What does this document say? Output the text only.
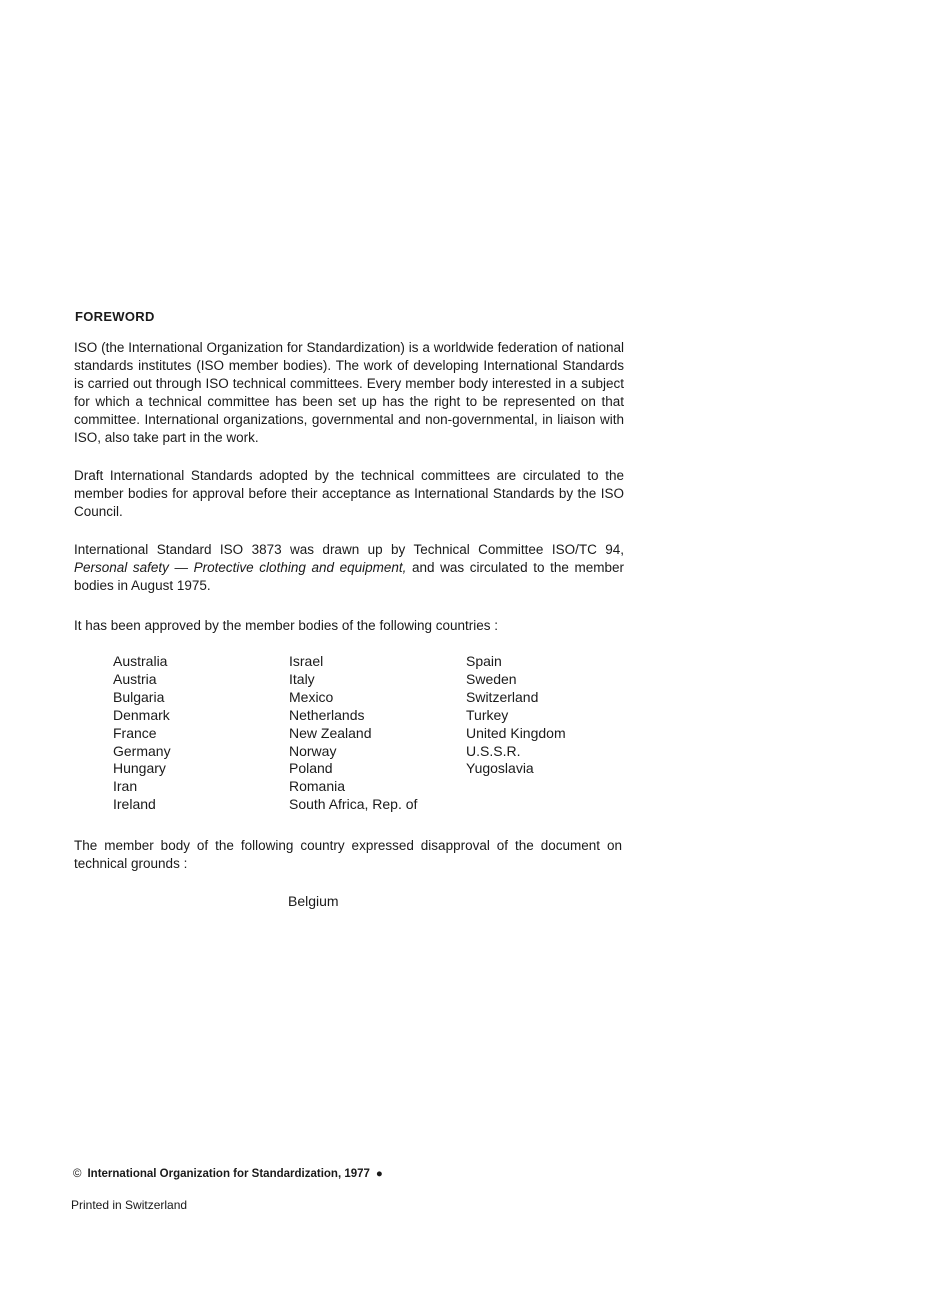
FOREWORD
ISO (the International Organization for Standardization) is a worldwide federation of national standards institutes (ISO member bodies). The work of developing International Standards is carried out through ISO technical committees. Every member body interested in a subject for which a technical committee has been set up has the right to be represented on that committee. International organizations, governmental and non-governmental, in liaison with ISO, also take part in the work.
Draft International Standards adopted by the technical committees are circulated to the member bodies for approval before their acceptance as International Standards by the ISO Council.
International Standard ISO 3873 was drawn up by Technical Committee ISO/TC 94, Personal safety — Protective clothing and equipment, and was circulated to the member bodies in August 1975.
It has been approved by the member bodies of the following countries :
Australia
Austria
Bulgaria
Denmark
France
Germany
Hungary
Iran
Ireland
Israel
Italy
Mexico
Netherlands
New Zealand
Norway
Poland
Romania
South Africa, Rep. of
Spain
Sweden
Switzerland
Turkey
United Kingdom
U.S.S.R.
Yugoslavia
The member body of the following country expressed disapproval of the document on technical grounds :
Belgium
© International Organization for Standardization, 1977 ●
Printed in Switzerland
